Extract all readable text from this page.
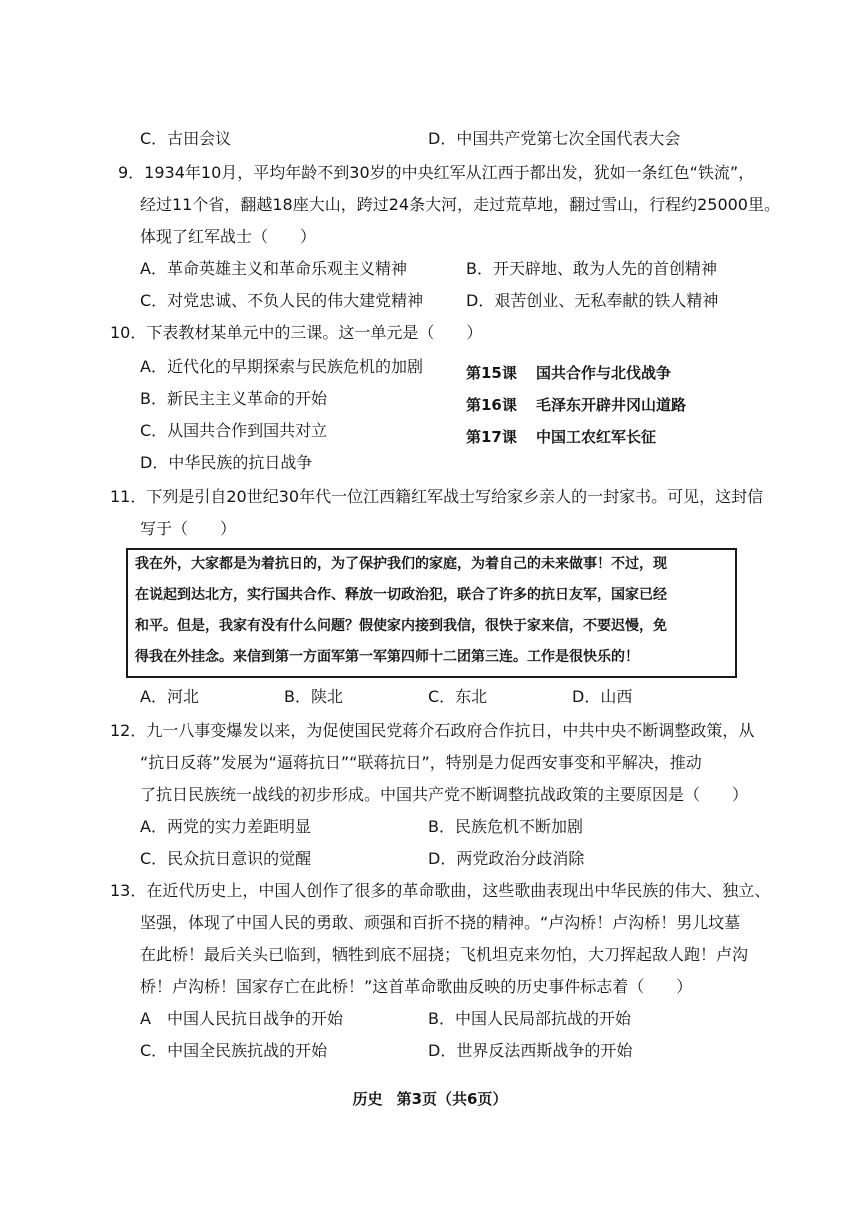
C．古田会议	D．中国共产党第七次全国代表大会
9．1934年10月，平均年龄不到30岁的中央红军从江西于都出发，犹如一条红色“铁流”，
经过11个省，翻越18座大山，跨过24条大河，走过荒草地，翻过雪山，行程约25000里。
体现了红军战士（　　）
A．革命英雄主义和革命乐观主义精神	B．开天辟地、敢为人先的首创精神
C．对党忠诚、不负人民的伟大建党精神	D．艰苦创业、无私奉献的铁人精神
10．下表教材某单元中的三课。这一单元是（　　）
A．近代化的早期探索与民族危机的加剧
B．新民主主义革命的开始
C．从国共合作到国共对立
D．中华民族的抗日战争
第15课 国共合作与北伐战争
第16课 毛泽东开辟井冈山道路
第17课 中国工农红军长征
11．下列是引自20世纪30年代一位江西籍红军战士写给家乡亲人的一封家书。可见，这封信
写于（　　）
我在外，大家都是为着抗日的，为了保护我们的家庭，为着自己的未来做事！不过，现
在说起到达北方，实行国共合作、释放一切政治犯，联合了许多的抗日友军，国家已经
和平。但是，我家有没有什么问题？假使家内接到我信，很快于家来信，不要迟慢，免
得我在外挂念。来信到第一方面军第一军第四师十二团第三连。工作是很快乐的！
A．河北	B．陕北	C．东北	D．山西
12．九一八事变爆发以来，为促使国民党蒋介石政府合作抗日，中共中央不断调整政策，从
“抗日反蒋”发展为“逼蒋抗日”“联蒋抗日”，特别是力促西安事变和平解决，推动
了抗日民族统一战线的初步形成。中国共产党不断调整抗战政策的主要原因是（　　）
A．两党的实力差距明显	B．民族危机不断加剧
C．民众抗日意识的觉醒	D．两党政治分歧消除
13．在近代历史上，中国人创作了很多的革命歌曲，这些歌曲表现出中华民族的伟大、独立、
坚强，体现了中国人民的勇敢、顽强和百折不挠的精神。“卢沟桥！卢沟桥！男儿坟墓
在此桥！最后关头已临到，牺牲到底不屈挠；飞机坦克来勿怕，大刀挥起敌人跑！卢沟
桥！卢沟桥！国家存亡在此桥！”这首革命歌曲反映的历史事件标志着（　　）
A　中国人民抗日战争的开始	B．中国人民局部抗战的开始
C．中国全民族抗战的开始	D．世界反法西斯战争的开始
历史 第3页（共6页）
